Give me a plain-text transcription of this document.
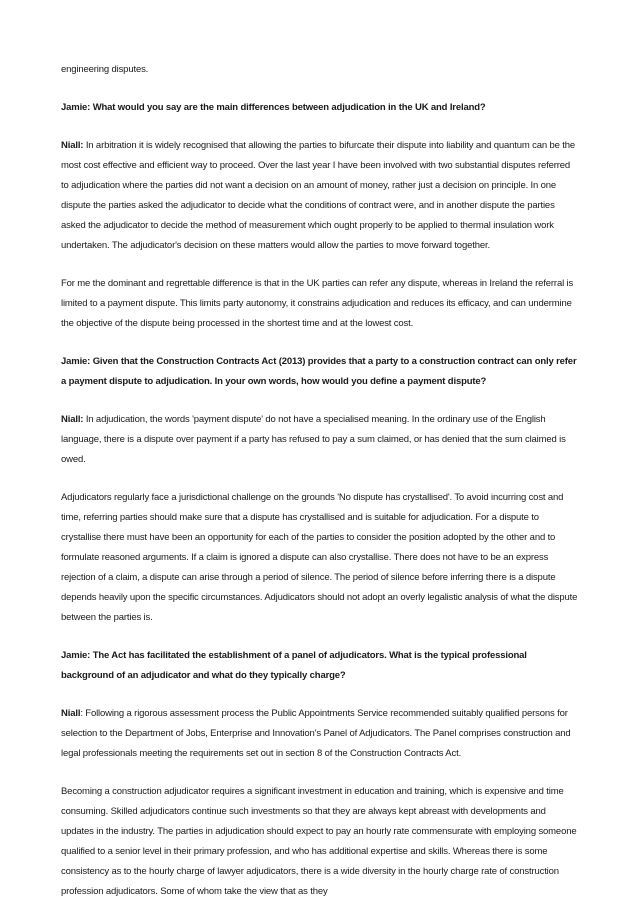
engineering disputes.

Jamie: What would you say are the main differences between adjudication in the UK and Ireland?

Niall: In arbitration it is widely recognised that allowing the parties to bifurcate their dispute into liability and quantum can be the most cost effective and efficient way to proceed. Over the last year I have been involved with two substantial disputes referred to adjudication where the parties did not want a decision on an amount of money, rather just a decision on principle. In one dispute the parties asked the adjudicator to decide what the conditions of contract were, and in another dispute the parties asked the adjudicator to decide the method of measurement which ought properly to be applied to thermal insulation work undertaken. The adjudicator's decision on these matters would allow the parties to move forward together.

For me the dominant and regrettable difference is that in the UK parties can refer any dispute, whereas in Ireland the referral is limited to a payment dispute. This limits party autonomy, it constrains adjudication and reduces its efficacy, and can undermine the objective of the dispute being processed in the shortest time and at the lowest cost.

Jamie: Given that the Construction Contracts Act (2013) provides that a party to a construction contract can only refer a payment dispute to adjudication. In your own words, how would you define a payment dispute?

Niall: In adjudication, the words 'payment dispute' do not have a specialised meaning. In the ordinary use of the English language, there is a dispute over payment if a party has refused to pay a sum claimed, or has denied that the sum claimed is owed.

Adjudicators regularly face a jurisdictional challenge on the grounds 'No dispute has crystallised'. To avoid incurring cost and time, referring parties should make sure that a dispute has crystallised and is suitable for adjudication. For a dispute to crystallise there must have been an opportunity for each of the parties to consider the position adopted by the other and to formulate reasoned arguments. If a claim is ignored a dispute can also crystallise. There does not have to be an express rejection of a claim, a dispute can arise through a period of silence. The period of silence before inferring there is a dispute depends heavily upon the specific circumstances. Adjudicators should not adopt an overly legalistic analysis of what the dispute between the parties is.

Jamie: The Act has facilitated the establishment of a panel of adjudicators. What is the typical professional background of an adjudicator and what do they typically charge?

Niall: Following a rigorous assessment process the Public Appointments Service recommended suitably qualified persons for selection to the Department of Jobs, Enterprise and Innovation's Panel of Adjudicators. The Panel comprises construction and legal professionals meeting the requirements set out in section 8 of the Construction Contracts Act.

Becoming a construction adjudicator requires a significant investment in education and training, which is expensive and time consuming. Skilled adjudicators continue such investments so that they are always kept abreast with developments and updates in the industry. The parties in adjudication should expect to pay an hourly rate commensurate with employing someone qualified to a senior level in their primary profession, and who has additional expertise and skills. Whereas there is some consistency as to the hourly charge of lawyer adjudicators, there is a wide diversity in the hourly charge rate of construction profession adjudicators. Some of whom take the view that as they
